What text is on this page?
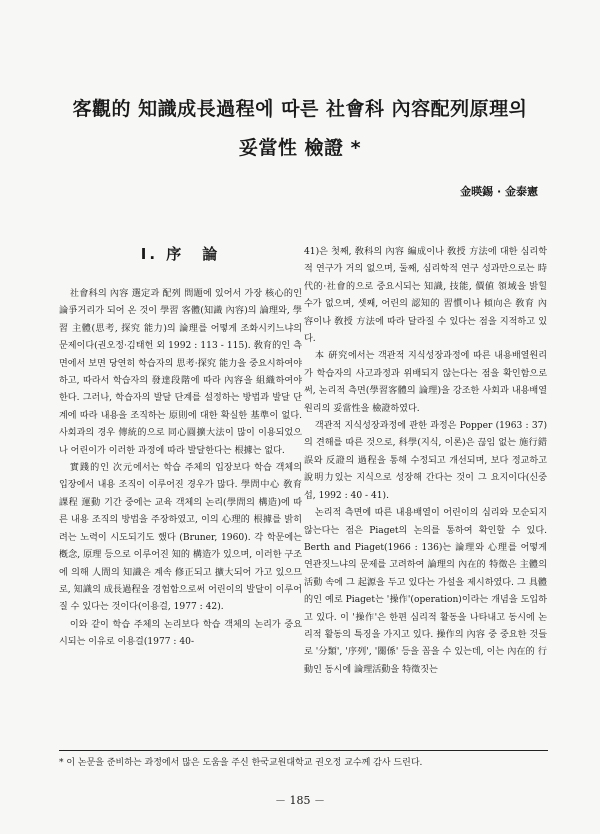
客觀的 知識成長過程에 따른 社會科 內容配列原理의
妥當性 檢證 *
金暎錫 · 金泰憲
Ⅰ. 序　論

社會科의 內容 選定과 配列 問題에 있어서 가장 核心的인 論爭거리가 되어 온 것이 學習 客體(知識 內容)의 論理와, 學習 主體(思考, 探究 能力)의 論理를 어떻게 조화시키느냐의 문제이다(권오정·김태헌 외 1992 : 113 - 115). 敎育的인 측면에서 보면 당연히 학습자의 思考·探究 能力을 중요시하여야 하고, 따라서 학습자의 發達段階에 따라 內容을 組織하여야 한다. 그러나, 학습자의 발달 단계를 설정하는 방법과 발달 단계에 따라 내용을 조직하는 原則에 대한 확실한 基準이 없다. 사회과의 경우 傳統的으로 同心圓擴大法이 많이 이용되었으나 어린이가 이러한 과정에 따라 발달한다는 根據는 없다.

實踐的인 次元에서는 학습 주체의 입장보다 학습 객체의 입장에서 내용 조직이 이루어진 경우가 많다. 學問中心 敎育課程 運動 기간 중에는 교육 객체의 논리(學問의 構造)에 따른 내용 조직의 방법을 주장하였고, 이의 心理的 根據를 밝히려는 노력이 시도되기도 했다 (Bruner, 1960). 각 학문에는 槪念, 原理 등으로 이루어진 知的 構造가 있으며, 이러한 구조에 의해 人間의 知識은 계속 修正되고 擴大되어 가고 있으므로, 知識의 成長過程을 경험함으로써 어린이의 발달이 이루어질 수 있다는 것이다(이용걸, 1977 : 42).

이와 같이 학습 주체의 논리보다 학습 객체의 논리가 중요시되는 이유로 이용걸(1977 : 40-

41)은 첫째, 敎科의 內容 編成이나 敎授 方法에 대한 심리학적 연구가 거의 없으며, 둘째, 심리학적 연구 성과만으로는 時代的·社會的으로 중요시되는 知識, 技能, 價値 領域을 밝힐 수가 없으며, 셋째, 어린의 認知的 習慣이나 傾向은 敎育 內容이나 敎授 方法에 따라 달라질 수 있다는 점을 지적하고 있다.

本 硏究에서는 객관적 지식성장과정에 따른 내용배열원리가 학습자의 사고과정과 위배되지 않는다는 점을 확인함으로써, 논리적 측면(學習客體의 論理)을 강조한 사회과 내용배열원리의 妥當性을 檢證하였다.

객관적 지식성장과정에 관한 과정은 Popper (1963 : 37)의 견해를 따른 것으로, 科學(지식, 이론)은 끊임 없는 施行錯誤와 反證의 過程을 통해 수정되고 개선되며, 보다 정교하고 說明力있는 지식으로 성장해 간다는 것이 그 요지이다(신중섭, 1992 : 40 - 41).

논리적 측면에 따른 내용배열이 어린이의 심리와 모순되지 않는다는 점은 Piaget의 논의를 통하여 확인할 수 있다. Berth and Piaget(1966 : 136)는 論理와 心理를 어떻게 연관짓느냐의 문제를 고려하여 論理의 內在的 特徵은 主體의 活動 속에 그 起源을 두고 있다는 가설을 제시하였다. 그 具體的인 예로 Piaget는 '操作'(operation)이라는 개념을 도입하고 있다. 이 '操作'은 한편 심리적 활동을 나타내고 동시에 논리적 활동의 특징을 가지고 있다. 操作의 內容 중 중요한 것들로 '分類', '序列', '關係' 등을 꼽을 수 있는데, 이는 內在的 行動인 동시에 論理活動을 特徵짓는

* 이 논문을 준비하는 과정에서 많은 도움을 주신 한국교원대학교 권오정 교수께 감사 드린다.
－ 185 －
